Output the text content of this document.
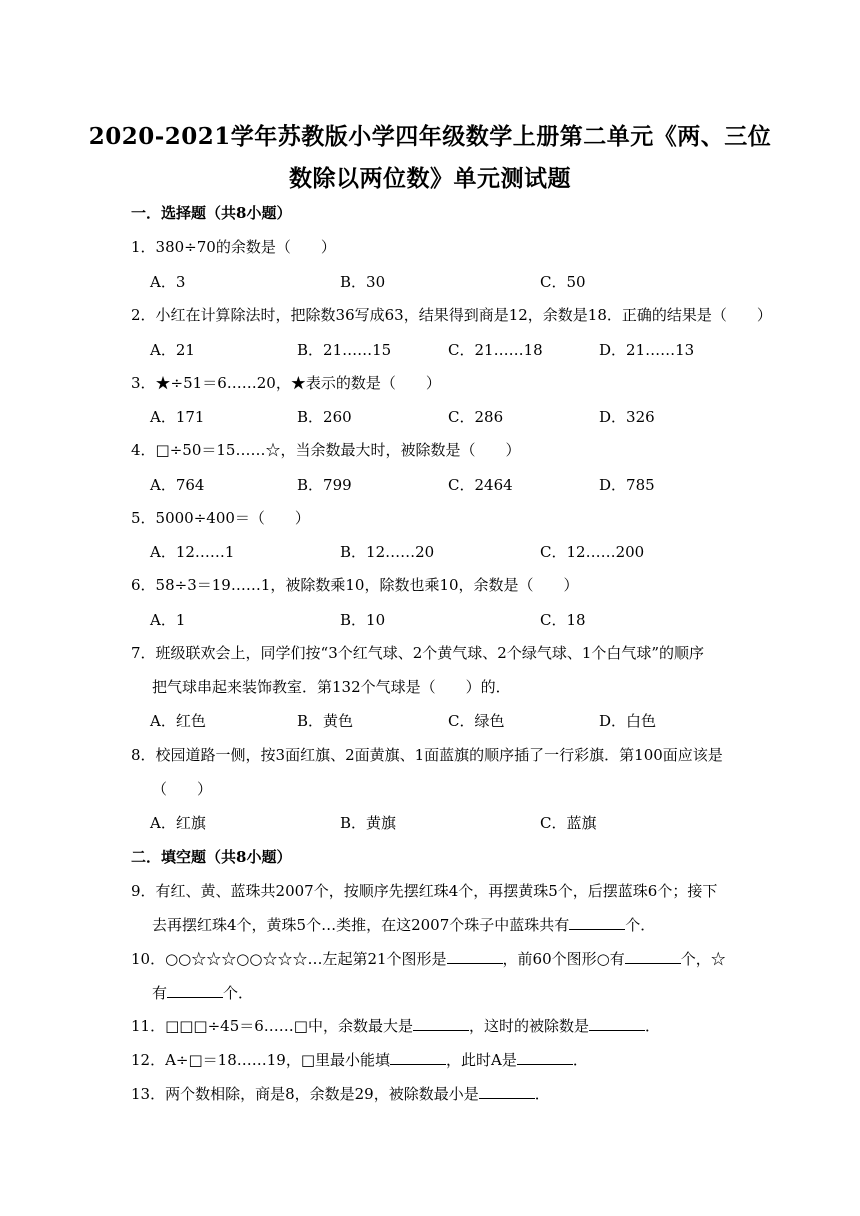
2020-2021学年苏教版小学四年级数学上册第二单元《两、三位
数除以两位数》单元测试题
一．选择题（共8小题）
1．380÷70的余数是（　　）
A．3	B．30	C．50
2．小红在计算除法时，把除数36写成63，结果得到商是12，余数是18．正确的结果是（　　）
A．21	B．21……15	C．21……18	D．21……13
3．★÷51＝6……20，★表示的数是（　　）
A．171	B．260	C．286	D．326
4．□÷50＝15……☆，当余数最大时，被除数是（　　）
A．764	B．799	C．2464	D．785
5．5000÷400＝（　　）
A．12……1	B．12……20	C．12……200
6．58÷3＝19……1，被除数乘10，除数也乘10，余数是（　　）
A．1	B．10	C．18
7．班级联欢会上，同学们按“3个红气球、2个黄气球、2个绿气球、1个白气球”的顺序
把气球串起来装饰教室．第132个气球是（　　）的．
A．红色	B．黄色	C．绿色	D．白色
8．校园道路一侧，按3面红旗、2面黄旗、1面蓝旗的顺序插了一行彩旗．第100面应该是
（　　）
A．红旗	B．黄旗	C．蓝旗
二．填空题（共8小题）
9．有红、黄、蓝珠共2007个，按顺序先摆红珠4个，再摆黄珠5个，后摆蓝珠6个；接下
去再摆红珠4个，黄珠5个…类推，在这2007个珠子中蓝珠共有	个．
10．○○☆☆☆○○☆☆☆…左起第21个图形是	，前60个图形○有	个，☆
有	个．
11．□□□÷45＝6……□中，余数最大是	，这时的被除数是	．
12．A÷□＝18……19，□里最小能填	，此时A是	．
13．两个数相除，商是8，余数是29，被除数最小是	．
